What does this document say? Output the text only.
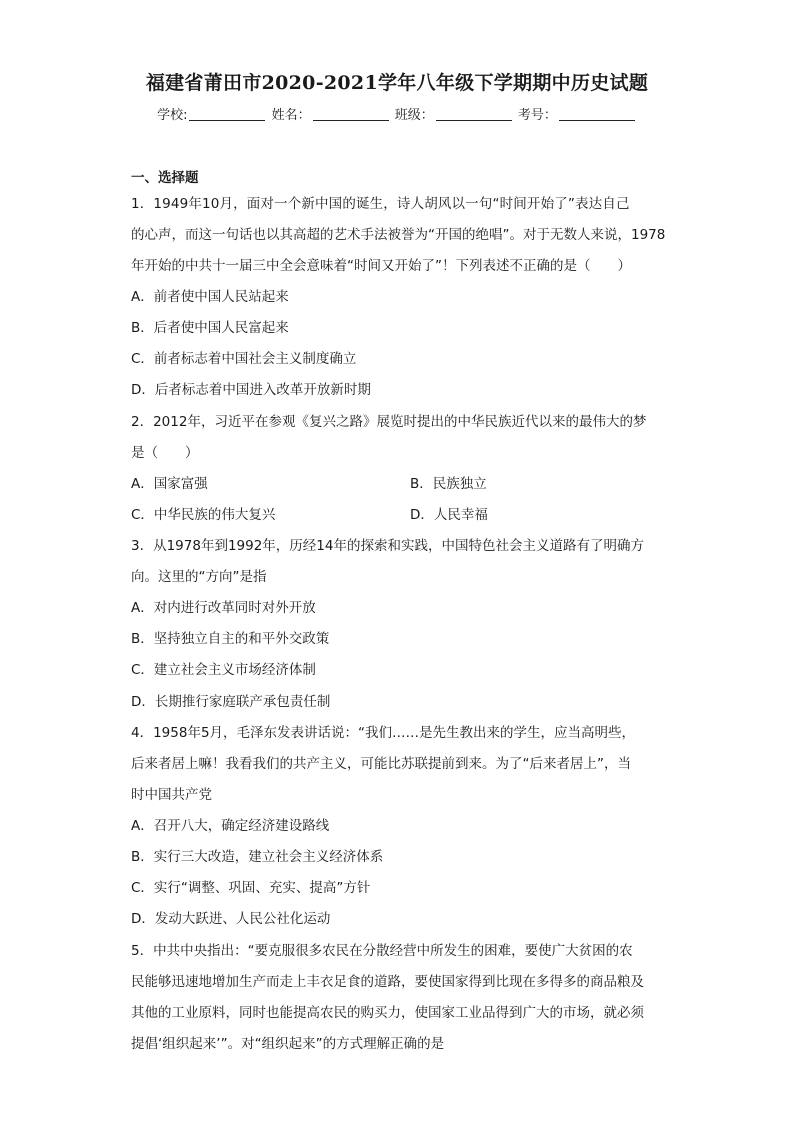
福建省莆田市2020-2021学年八年级下学期期中历史试题
学校:	姓名：	班级：	考号：
一、选择题
1．1949年10月，面对一个新中国的诞生，诗人胡风以一句“时间开始了”表达自己
的心声，而这一句话也以其高超的艺术手法被誉为“开国的绝唱”。对于无数人来说，1978
年开始的中共十一届三中全会意味着“时间又开始了”！下列表述不正确的是（　　）
A．前者使中国人民站起来
B．后者使中国人民富起来
C．前者标志着中国社会主义制度确立
D．后者标志着中国进入改革开放新时期
2．2012年，习近平在参观《复兴之路》展览时提出的中华民族近代以来的最伟大的梦
是（　　）
A．国家富强	B．民族独立
C．中华民族的伟大复兴	D．人民幸福
3．从1978年到1992年，历经14年的探索和实践，中国特色社会主义道路有了明确方
向。这里的“方向”是指
A．对内进行改革同时对外开放
B．坚持独立自主的和平外交政策
C．建立社会主义市场经济体制
D．长期推行家庭联产承包责任制
4．1958年5月，毛泽东发表讲话说：“我们……是先生教出来的学生，应当高明些，
后来者居上嘛！我看我们的共产主义，可能比苏联提前到来。为了“后来者居上”，当
时中国共产党
A．召开八大，确定经济建设路线
B．实行三大改造，建立社会主义经济体系
C．实行“调整、巩固、充实、提高”方针
D．发动大跃进、人民公社化运动
5．中共中央指出：“要克服很多农民在分散经营中所发生的困难，要使广大贫困的农
民能够迅速地增加生产而走上丰衣足食的道路，要使国家得到比现在多得多的商品粮及
其他的工业原料，同时也能提高农民的购买力，使国家工业品得到广大的市场，就必须
提倡‘组织起来’”。对“组织起来”的方式理解正确的是
